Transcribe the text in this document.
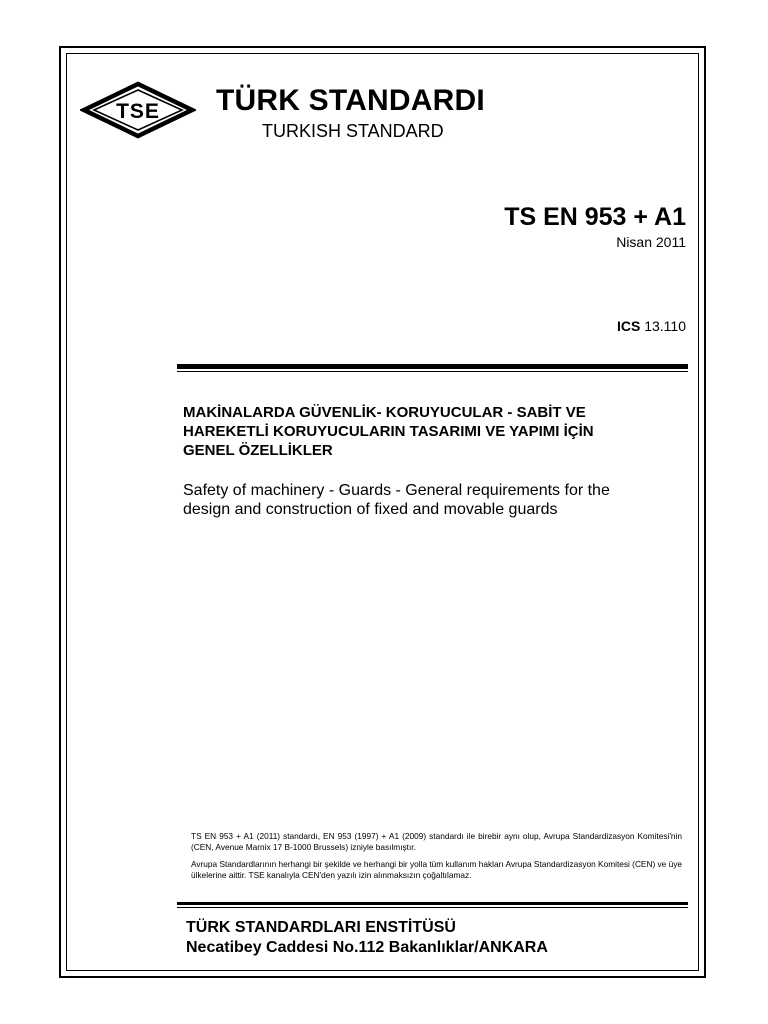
TSE TÜRK STANDARDI
TURKISH STANDARD
TS EN 953 + A1
Nisan 2011
ICS 13.110
MAKİNALARDA GÜVENLİK- KORUYUCULAR - SABİT VE
HAREKETLİ KORUYUCULARIN TASARIMI VE YAPIMI İÇİN
GENEL ÖZELLİKLER
Safety of machinery - Guards - General requirements for the
design and construction of fixed and movable guards

TS EN 953 + A1 (2011) standardı, EN 953 (1997) + A1 (2009) standardı ile birebir aynı olup, Avrupa Standardizasyon Komitesi'nin (CEN, Avenue Marnix 17 B-1000 Brussels) izniyle basılmıştır.

Avrupa Standardlarının herhangi bir şekilde ve herhangi bir yolla tüm kullanım hakları Avrupa Standardizasyon Komitesi (CEN) ve üye ülkelerine aittir. TSE kanalıyla CEN'den yazılı izin alınmaksızın çoğaltılamaz.

TÜRK STANDARDLARI ENSTİTÜSÜ
Necatibey Caddesi No.112 Bakanlıklar/ANKARA
